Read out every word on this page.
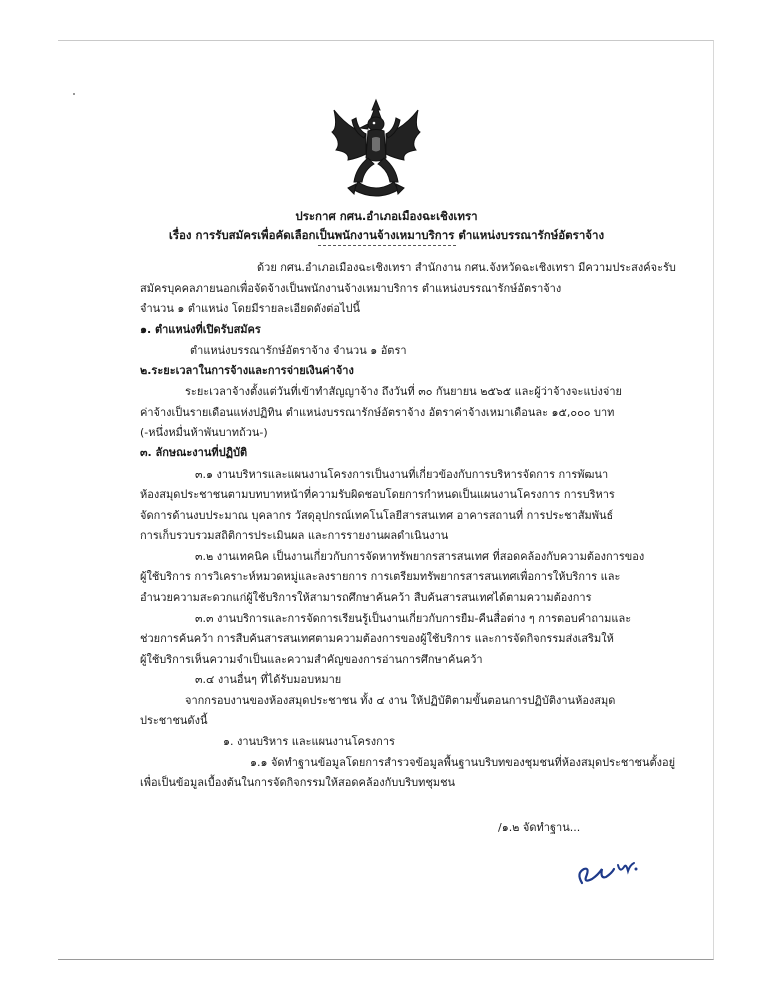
ประกาศ กศน.อำเภอเมืองฉะเชิงเทรา
เรื่อง การรับสมัครเพื่อคัดเลือกเป็นพนักงานจ้างเหมาบริการ ตำแหน่งบรรณารักษ์อัตราจ้าง
ด้วย กศน.อำเภอเมืองฉะเชิงเทรา สำนักงาน กศน.จังหวัดฉะเชิงเทรา มีความประสงค์จะรับ
สมัครบุคคลภายนอกเพื่อจัดจ้างเป็นพนักงานจ้างเหมาบริการ ตำแหน่งบรรณารักษ์อัตราจ้าง
จำนวน ๑ ตำแหน่ง โดยมีรายละเอียดดังต่อไปนี้
๑. ตำแหน่งที่เปิดรับสมัคร
ตำแหน่งบรรณารักษ์อัตราจ้าง จำนวน ๑ อัตรา
๒.ระยะเวลาในการจ้างและการจ่ายเงินค่าจ้าง
ระยะเวลาจ้างตั้งแต่วันที่เข้าทำสัญญาจ้าง ถึงวันที่ ๓๐ กันยายน ๒๕๖๕ และผู้ว่าจ้างจะแบ่งจ่าย
ค่าจ้างเป็นรายเดือนแห่งปฏิทิน ตำแหน่งบรรณารักษ์อัตราจ้าง อัตราค่าจ้างเหมาเดือนละ ๑๕,๐๐๐ บาท
(-หนึ่งหมื่นห้าพันบาทถ้วน-)
๓. ลักษณะงานที่ปฏิบัติ
๓.๑ งานบริหารและแผนงานโครงการเป็นงานที่เกี่ยวข้องกับการบริหารจัดการ การพัฒนา
ห้องสมุดประชาชนตามบทบาทหน้าที่ความรับผิดชอบโดยการกำหนดเป็นแผนงานโครงการ การบริหาร
จัดการด้านงบประมาณ บุคลากร วัสดุอุปกรณ์เทคโนโลยีสารสนเทศ อาคารสถานที่ การประชาสัมพันธ์
การเก็บรวบรวมสถิติการประเมินผล และการรายงานผลดำเนินงาน
๓.๒ งานเทคนิค เป็นงานเกี่ยวกับการจัดหาทรัพยากรสารสนเทศ ที่สอดคล้องกับความต้องการของ
ผู้ใช้บริการ การวิเคราะห์หมวดหมู่และลงรายการ การเตรียมทรัพยากรสารสนเทศเพื่อการให้บริการ และ
อำนวยความสะดวกแก่ผู้ใช้บริการให้สามารถศึกษาค้นคว้า สืบค้นสารสนเทศได้ตามความต้องการ
๓.๓ งานบริการและการจัดการเรียนรู้เป็นงานเกี่ยวกับการยืม-คืนสื่อต่าง ๆ การตอบคำถามและ
ช่วยการค้นคว้า การสืบค้นสารสนเทศตามความต้องการของผู้ใช้บริการ และการจัดกิจกรรมส่งเสริมให้
ผู้ใช้บริการเห็นความจำเป็นและความสำคัญของการอ่านการศึกษาค้นคว้า
๓.๔ งานอื่นๆ ที่ได้รับมอบหมาย
จากกรอบงานของห้องสมุดประชาชน ทั้ง ๔ งาน ให้ปฏิบัติตามขั้นตอนการปฏิบัติงานห้องสมุด
ประชาชนดังนี้
๑. งานบริหาร และแผนงานโครงการ
๑.๑ จัดทำฐานข้อมูลโดยการสำรวจข้อมูลพื้นฐานบริบทของชุมชนที่ห้องสมุดประชาชนตั้งอยู่
เพื่อเป็นข้อมูลเบื้องต้นในการจัดกิจกรรมให้สอดคล้องกับบริบทชุมชน
/๑.๒ จัดทำฐาน...
